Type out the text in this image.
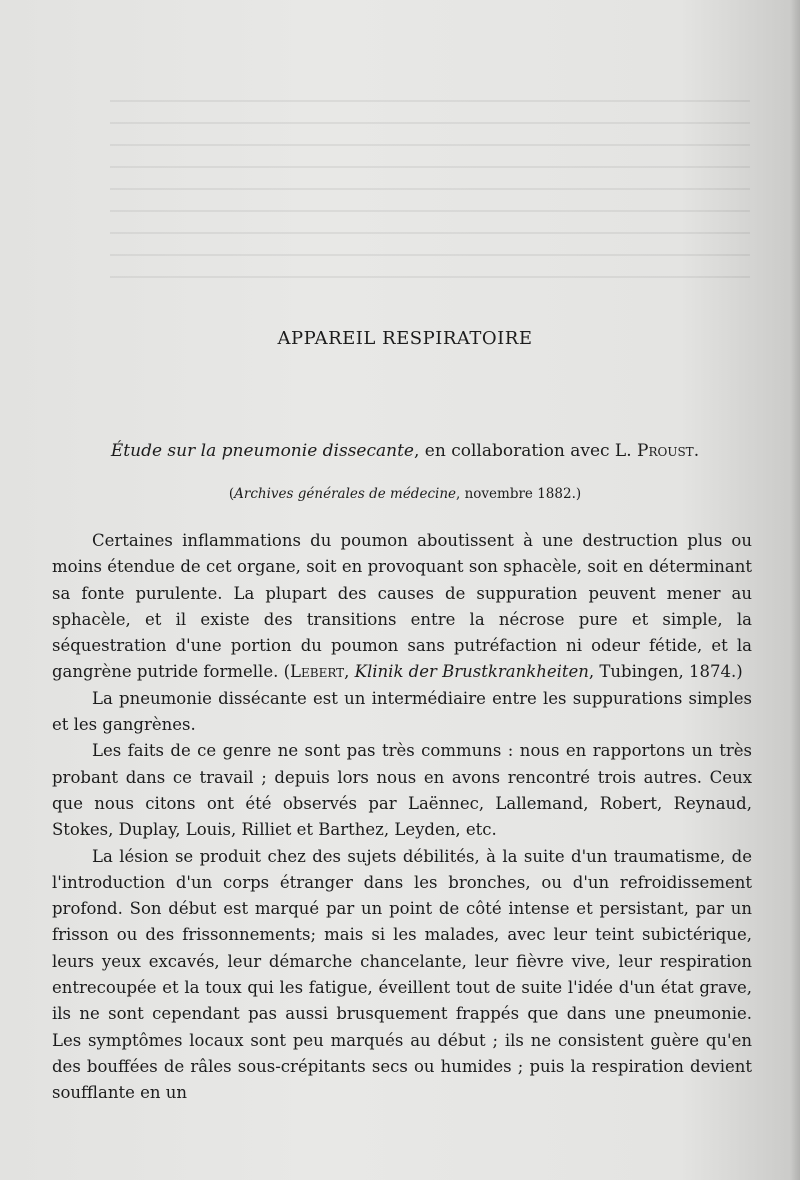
APPAREIL RESPIRATOIRE

Étude sur la pneumonie dissecante, en collaboration avec L. Proust.

(Archives générales de médecine, novembre 1882.)

Certaines inflammations du poumon aboutissent à une destruction plus ou moins étendue de cet organe, soit en provoquant son sphacèle, soit en déterminant sa fonte purulente. La plupart des causes de suppuration peuvent mener au sphacèle, et il existe des transitions entre la nécrose pure et simple, la séquestration d'une portion du poumon sans putréfaction ni odeur fétide, et la gangrène putride formelle. (Lebert, Klinik der Brustkrankheiten, Tubingen, 1874.)

La pneumonie dissécante est un intermédiaire entre les suppurations simples et les gangrènes.

Les faits de ce genre ne sont pas très communs : nous en rapportons un très probant dans ce travail ; depuis lors nous en avons rencontré trois autres. Ceux que nous citons ont été observés par Laënnec, Lallemand, Robert, Reynaud, Stokes, Duplay, Louis, Rilliet et Barthez, Leyden, etc.

La lésion se produit chez des sujets débilités, à la suite d'un traumatisme, de l'introduction d'un corps étranger dans les bronches, ou d'un refroidissement profond. Son début est marqué par un point de côté intense et persistant, par un frisson ou des frissonnements; mais si les malades, avec leur teint subictérique, leurs yeux excavés, leur démarche chancelante, leur fièvre vive, leur respiration entrecoupée et la toux qui les fatigue, éveillent tout de suite l'idée d'un état grave, ils ne sont cependant pas aussi brusquement frappés que dans une pneumonie. Les symptômes locaux sont peu marqués au début ; ils ne consistent guère qu'en des bouffées de râles sous-crépitants secs ou humides ; puis la respiration devient soufflante en un
